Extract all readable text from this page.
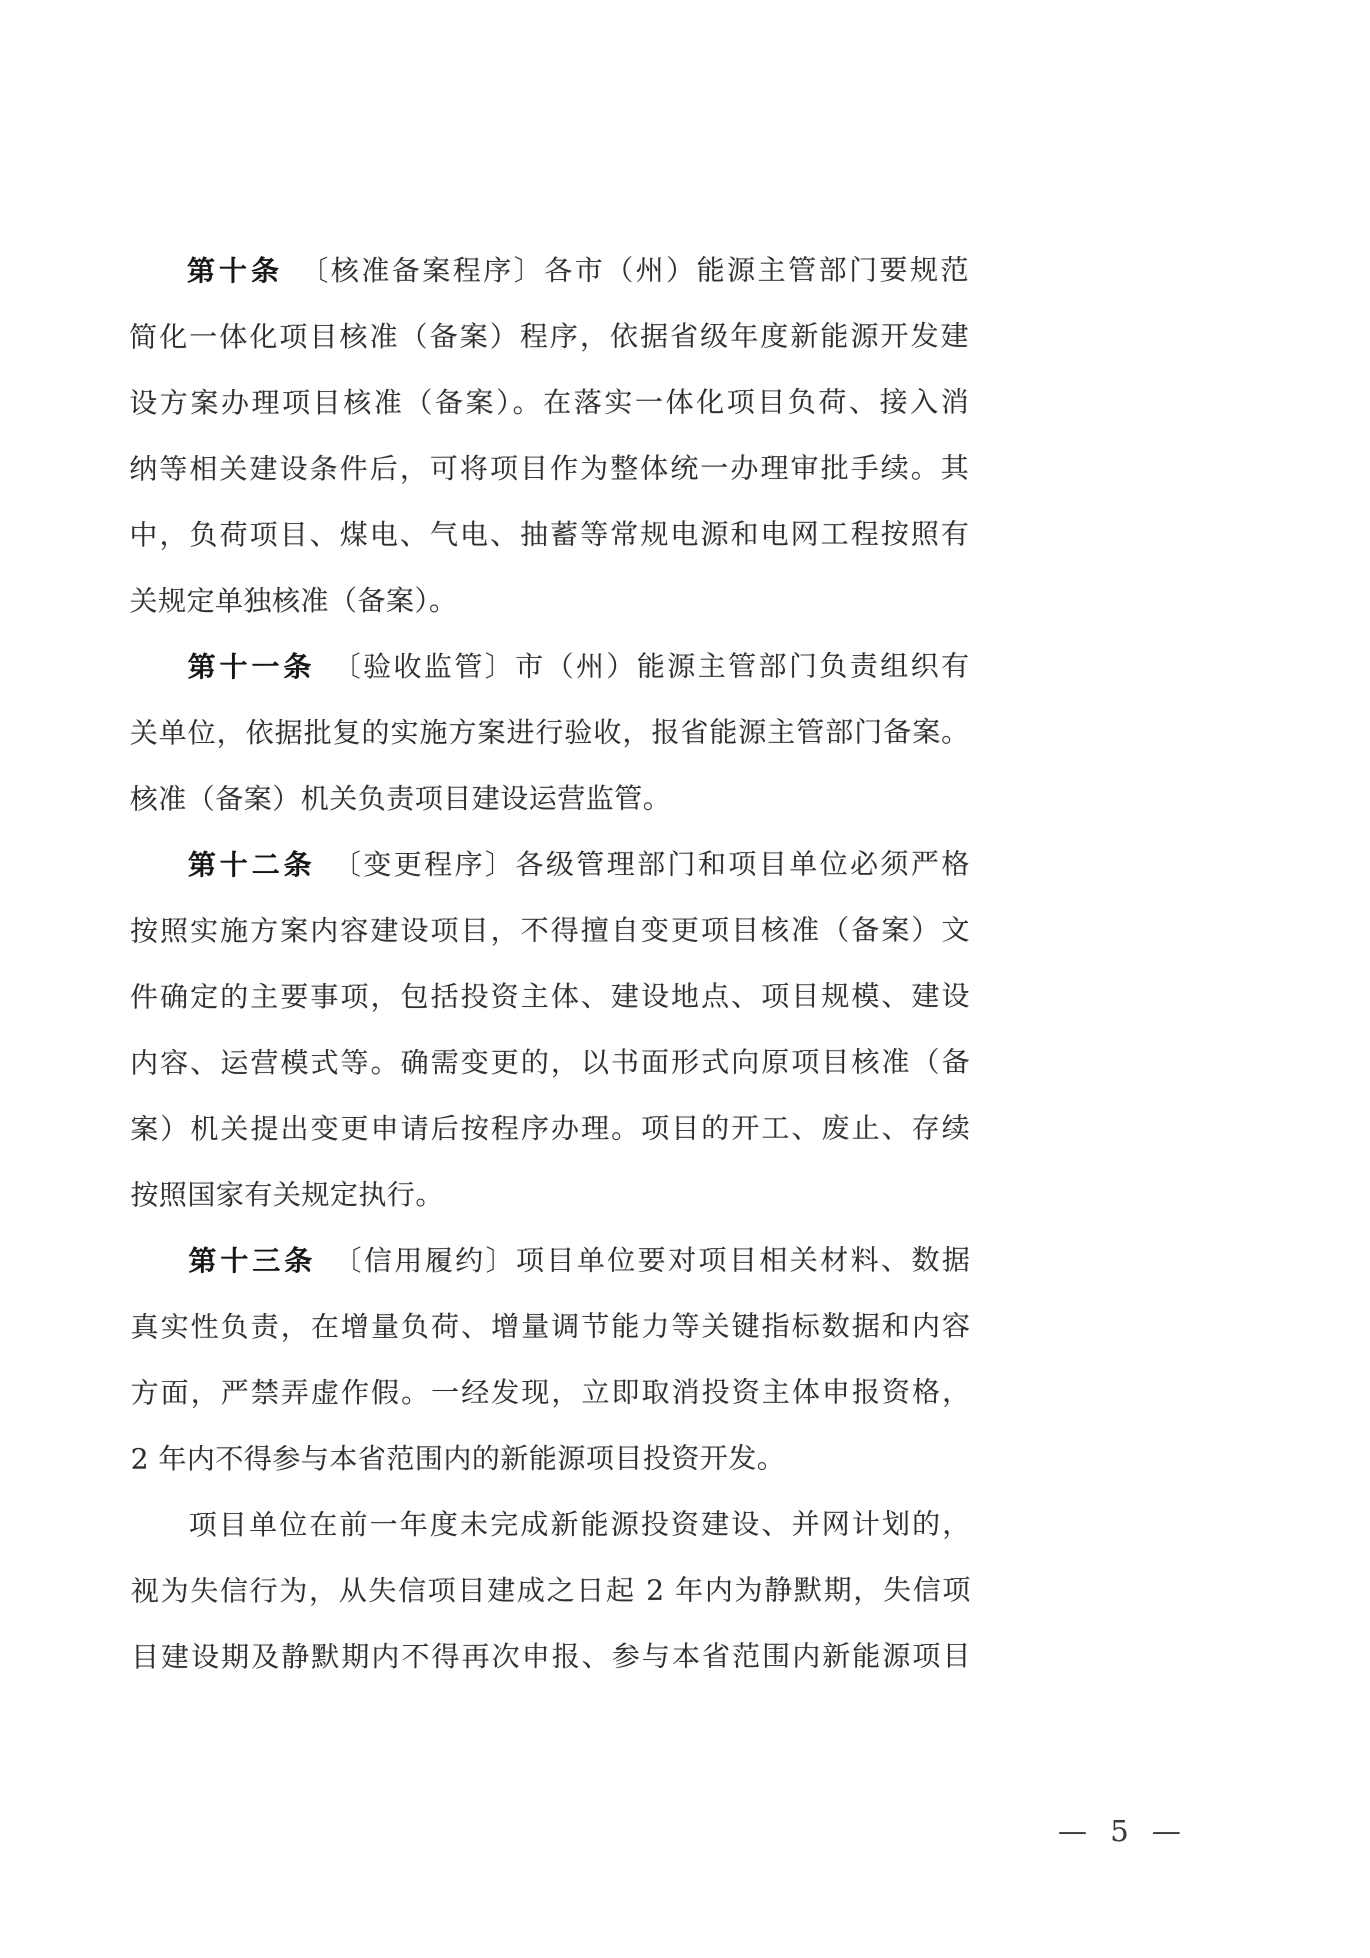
第十条 〔核准备案程序〕各市（州）能源主管部门要规范
简化一体化项目核准（备案）程序，依据省级年度新能源开发建
设方案办理项目核准（备案）。在落实一体化项目负荷、接入消
纳等相关建设条件后，可将项目作为整体统一办理审批手续。其
中，负荷项目、煤电、气电、抽蓄等常规电源和电网工程按照有
关规定单独核准（备案）。
第十一条 〔验收监管〕市（州）能源主管部门负责组织有
关单位，依据批复的实施方案进行验收，报省能源主管部门备案。
核准（备案）机关负责项目建设运营监管。
第十二条 〔变更程序〕各级管理部门和项目单位必须严格
按照实施方案内容建设项目，不得擅自变更项目核准（备案）文
件确定的主要事项，包括投资主体、建设地点、项目规模、建设
内容、运营模式等。确需变更的，以书面形式向原项目核准（备
案）机关提出变更申请后按程序办理。项目的开工、废止、存续
按照国家有关规定执行。
第十三条 〔信用履约〕项目单位要对项目相关材料、数据
真实性负责，在增量负荷、增量调节能力等关键指标数据和内容
方面，严禁弄虚作假。一经发现，立即取消投资主体申报资格，
2 年内不得参与本省范围内的新能源项目投资开发。
项目单位在前一年度未完成新能源投资建设、并网计划的，
视为失信行为，从失信项目建成之日起 2 年内为静默期，失信项
目建设期及静默期内不得再次申报、参与本省范围内新能源项目
— 5 —
